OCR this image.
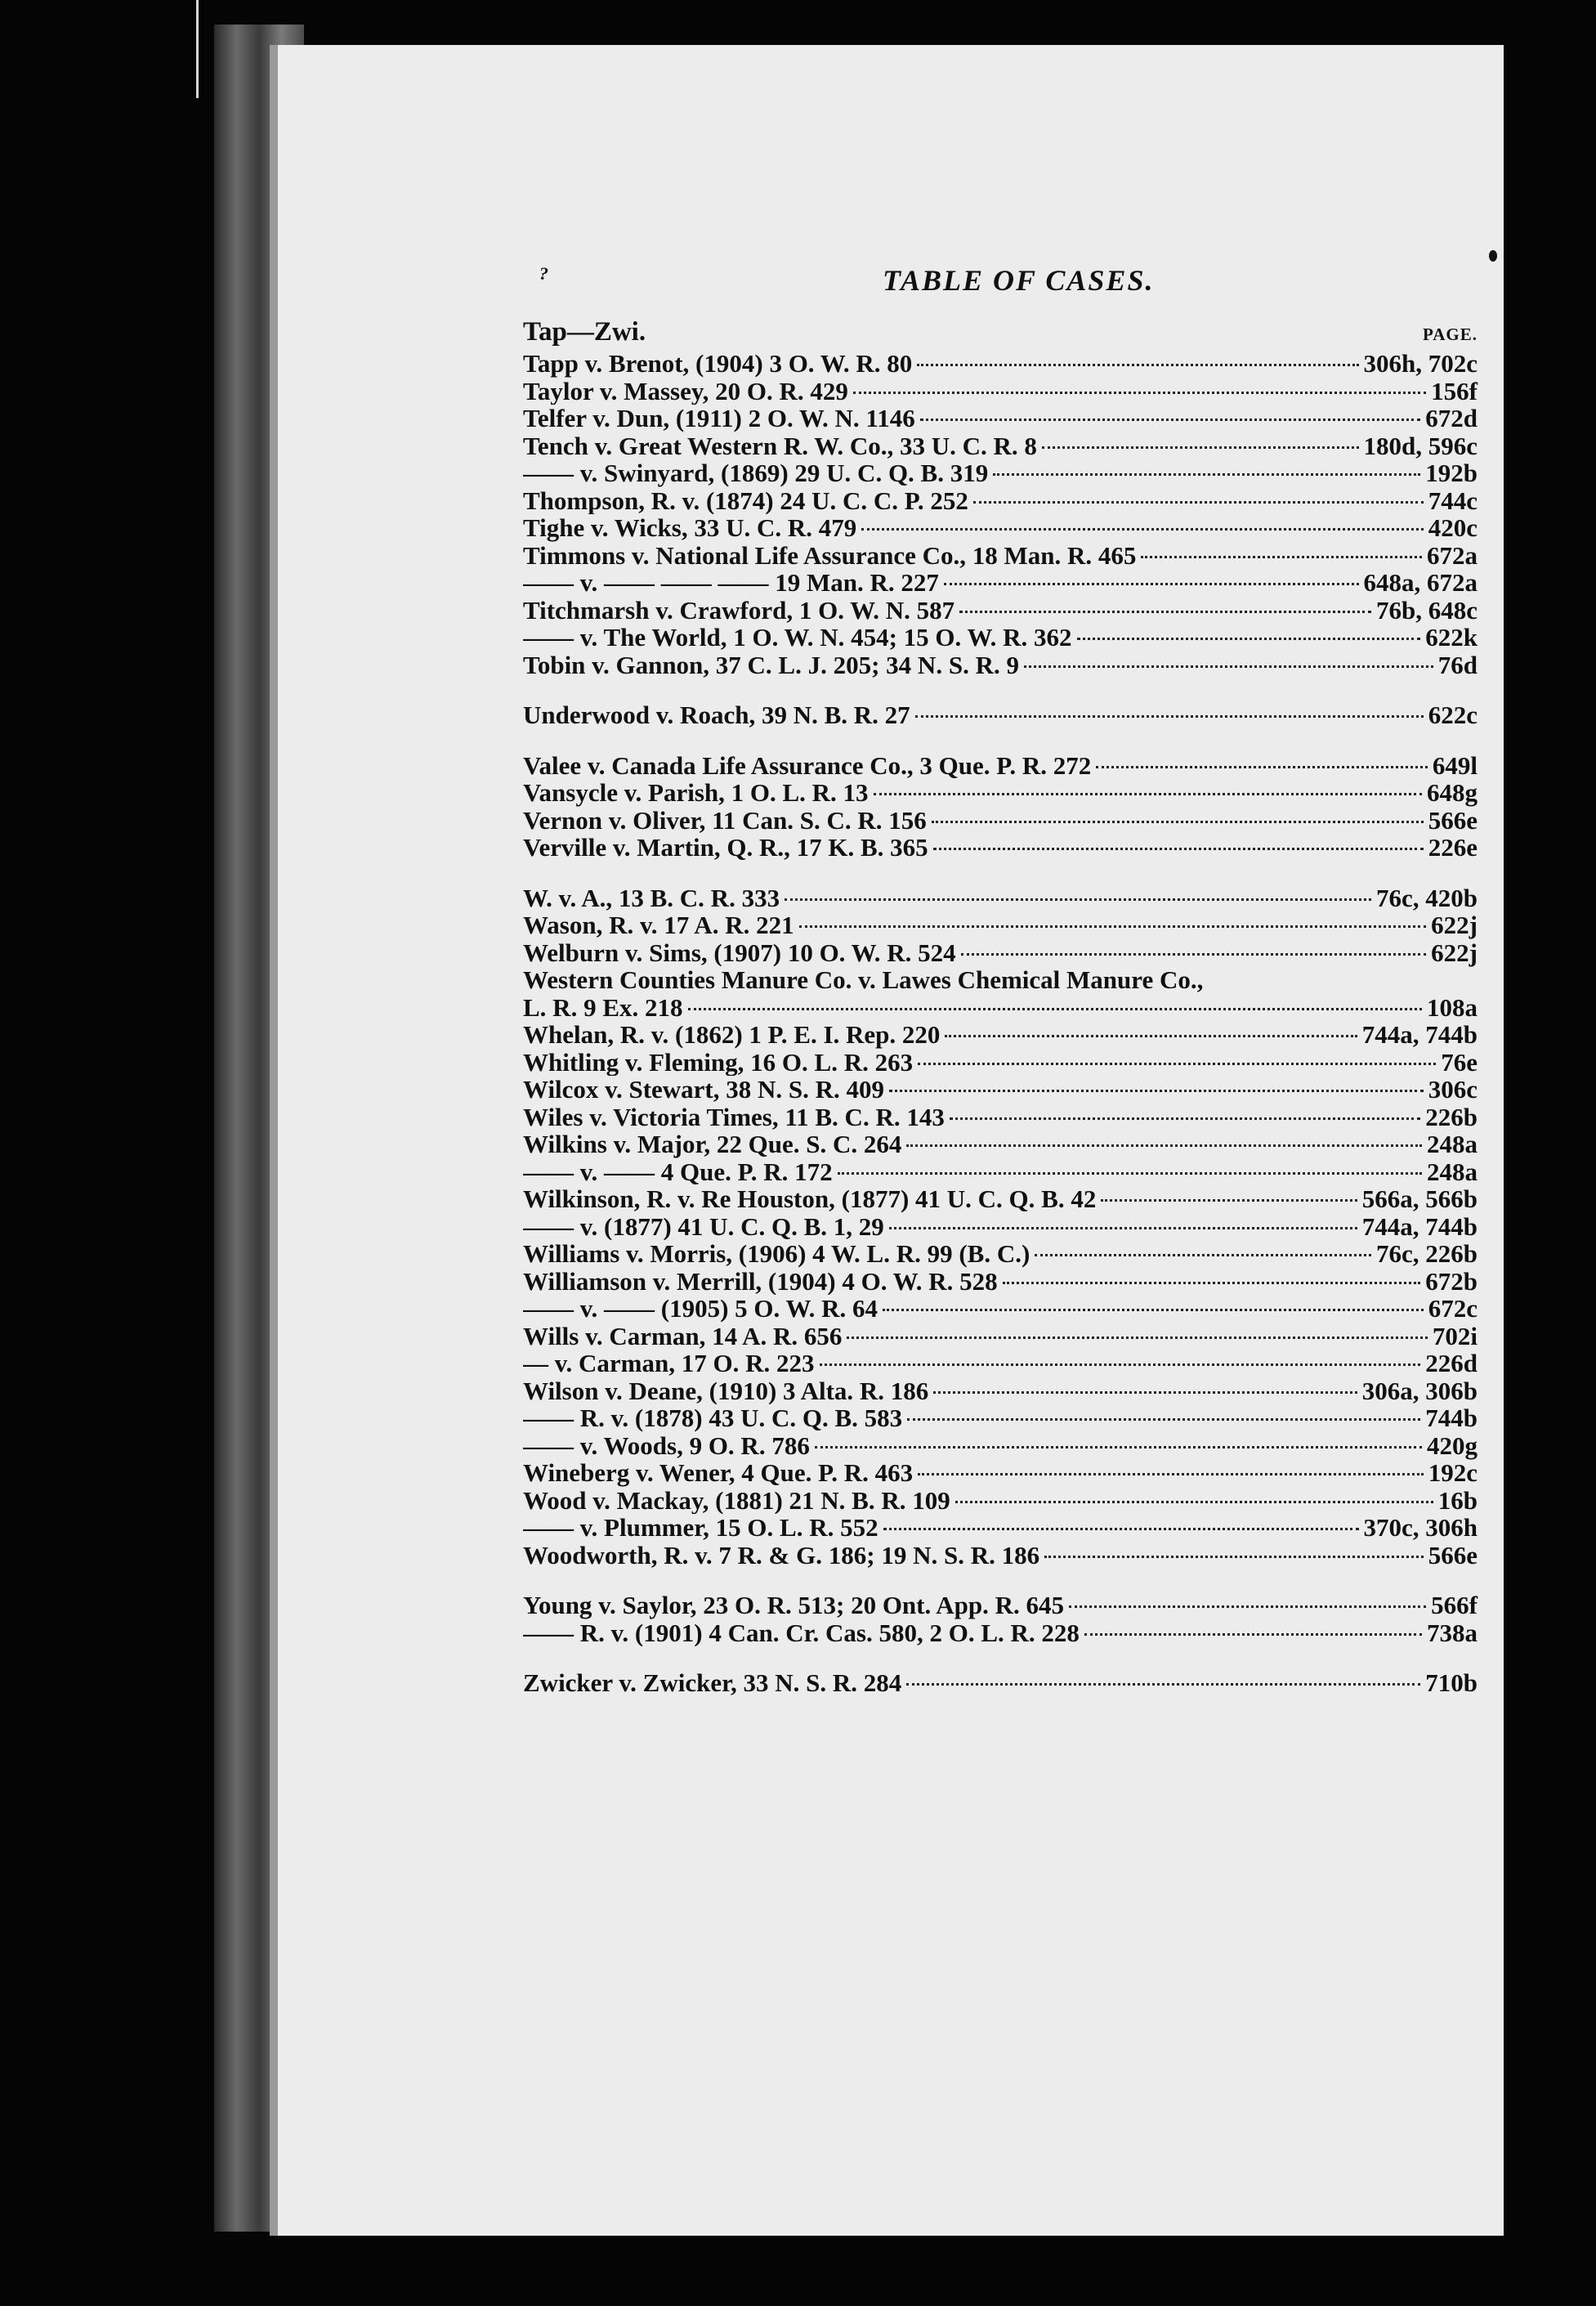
?	TABLE OF CASES.
Tap—Zwi.	PAGE.
Tapp v. Brenot, (1904) 3 O. W. R. 80	306h, 702c
Taylor v. Massey, 20 O. R. 429	156f
Telfer v. Dun, (1911) 2 O. W. N. 1146	672d
Tench v. Great Western R. W. Co., 33 U. C. R. 8	180d, 596c
—— v. Swinyard, (1869) 29 U. C. Q. B. 319	192b
Thompson, R. v. (1874) 24 U. C. C. P. 252	744c
Tighe v. Wicks, 33 U. C. R. 479	420c
Timmons v. National Life Assurance Co., 18 Man. R. 465	672a
—— v. —— —— —— 19 Man. R. 227	648a, 672a
Titchmarsh v. Crawford, 1 O. W. N. 587	76b, 648c
—— v. The World, 1 O. W. N. 454; 15 O. W. R. 362	622k
Tobin v. Gannon, 37 C. L. J. 205; 34 N. S. R. 9	76d
Underwood v. Roach, 39 N. B. R. 27	622c
Valee v. Canada Life Assurance Co., 3 Que. P. R. 272	649l
Vansycle v. Parish, 1 O. L. R. 13	648g
Vernon v. Oliver, 11 Can. S. C. R. 156	566e
Verville v. Martin, Q. R., 17 K. B. 365	226e
W. v. A., 13 B. C. R. 333	76c, 420b
Wason, R. v. 17 A. R. 221	622j
Welburn v. Sims, (1907) 10 O. W. R. 524	622j
Western Counties Manure Co. v. Lawes Chemical Manure Co.,
L. R. 9 Ex. 218	108a
Whelan, R. v. (1862) 1 P. E. I. Rep. 220	744a, 744b
Whitling v. Fleming, 16 O. L. R. 263	76e
Wilcox v. Stewart, 38 N. S. R. 409	306c
Wiles v. Victoria Times, 11 B. C. R. 143	226b
Wilkins v. Major, 22 Que. S. C. 264	248a
—— v. —— 4 Que. P. R. 172	248a
Wilkinson, R. v. Re Houston, (1877) 41 U. C. Q. B. 42	566a, 566b
—— v. (1877) 41 U. C. Q. B. 1, 29	744a, 744b
Williams v. Morris, (1906) 4 W. L. R. 99 (B. C.)	76c, 226b
Williamson v. Merrill, (1904) 4 O. W. R. 528	672b
—— v. —— (1905) 5 O. W. R. 64	672c
Wills v. Carman, 14 A. R. 656	702i
— v. Carman, 17 O. R. 223	226d
Wilson v. Deane, (1910) 3 Alta. R. 186	306a, 306b
—— R. v. (1878) 43 U. C. Q. B. 583	744b
—— v. Woods, 9 O. R. 786	420g
Wineberg v. Wener, 4 Que. P. R. 463	192c
Wood v. Mackay, (1881) 21 N. B. R. 109	16b
—— v. Plummer, 15 O. L. R. 552	370c, 306h
Woodworth, R. v. 7 R. & G. 186; 19 N. S. R. 186	566e
Young v. Saylor, 23 O. R. 513; 20 Ont. App. R. 645	566f
—— R. v. (1901) 4 Can. Cr. Cas. 580, 2 O. L. R. 228	738a
Zwicker v. Zwicker, 33 N. S. R. 284	710b
